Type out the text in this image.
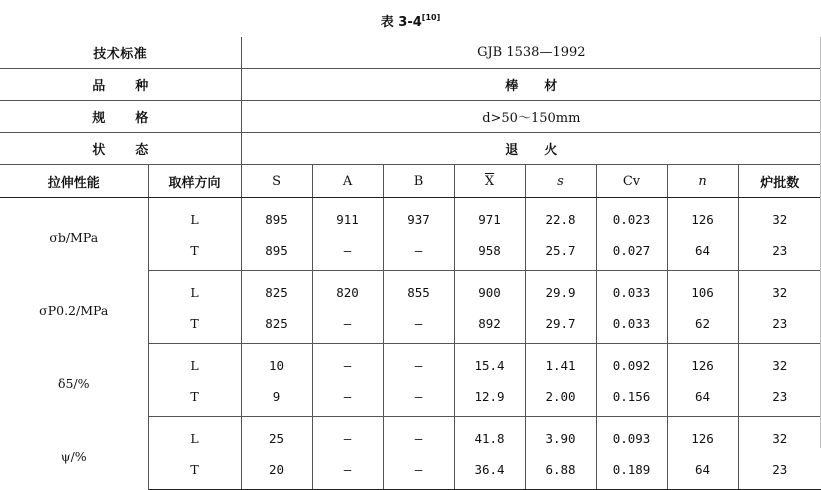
表 3-4[10]
技术标准		GJB 1538—1992							
品种		棒材							
规格		d>50～150mm							
状态		退火							
拉伸性能	取样方向	S	A	B	$\overline{X}$	s	Cv	n	炉批数
σb/MPa	L	895	911	937	971	22.8	0.023	126	32
	T	895	—	—	958	25.7	0.027	64	23
σP0.2/MPa	L	825	820	855	900	29.9	0.033	106	32
	T	825	—	—	892	29.7	0.033	62	23
δ5/%	L	10	—	—	15.4	1.41	0.092	126	32
	T	9	—	—	12.9	2.00	0.156	64	23
ψ/%	L	25	—	—	41.8	3.90	0.093	126	32
	T	20	—	—	36.4	6.88	0.189	64	23
